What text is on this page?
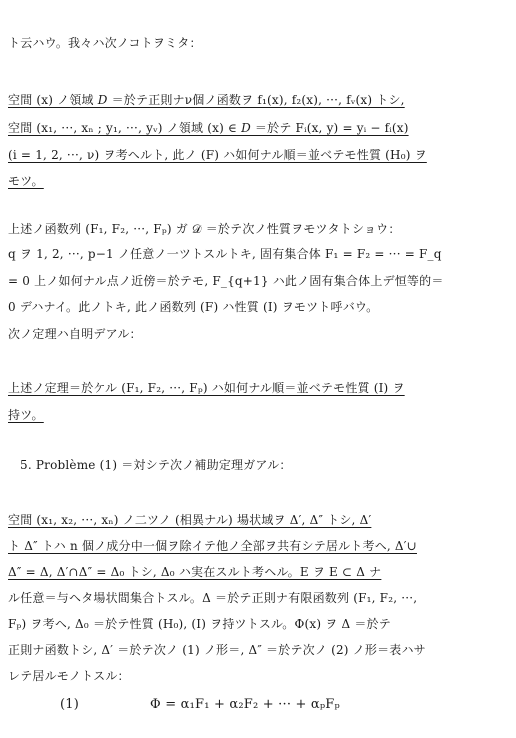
ト云ハウ。我々ハ次ノコトヲミタ：
空間 (x) ノ領域 𝐷 ＝於テ正則ナν個ノ函数ヲ f₁(x), f₂(x), ···, fᵥ(x) トシ,
空間 (x₁, ···, xₙ ; y₁, ···, yᵥ) ノ領域 (x) ∈ 𝐷 ＝於テ Fᵢ(x, y) = yᵢ − fᵢ(x)
(i = 1, 2, ···, ν) ヲ考ヘルト, 此ノ (F) ハ如何ナル順＝並ベテモ性質 (H₀) ヲ
モツ。
上述ノ函数列 (F₁, F₂, ···, Fₚ) ガ 𝒟 ＝於テ次ノ性質ヲモツタトショウ：
q ヲ 1, 2, ···, p−1 ノ任意ノ一ツトスルトキ, 固有集合体 F₁ = F₂ = ··· = F_q
= 0 上ノ如何ナル点ノ近傍＝於テモ, F_{q+1} ハ此ノ固有集合体上デ恒等的＝
0 デハナイ。此ノトキ, 此ノ函数列 (F) ハ性質 (I) ヲモツト呼バウ。
次ノ定理ハ自明デアル：
上述ノ定理＝於ケル (F₁, F₂, ···, Fₚ) ハ如何ナル順＝並ベテモ性質 (I) ヲ
持ツ。
5. Problème (1) ＝対シテ次ノ補助定理ガアル：
空間 (x₁, x₂, ···, xₙ) ノ二ツノ (相異ナル) 場状域ヲ Δ′, Δ″ トシ, Δ′
ト Δ″ トハ n 個ノ成分中一個ヲ除イテ他ノ全部ヲ共有シテ居ルト考ヘ, Δ′∪
Δ″ = Δ, Δ′∩Δ″ = Δ₀ トシ, Δ₀ ハ実在スルト考ヘル。E ヲ E ⊂ Δ ナ
ル任意＝与ヘタ場状間集合トスル。Δ ＝於テ正則ナ有限函数列 (F₁, F₂, ···,
Fₚ) ヲ考ヘ, Δ₀ ＝於テ性質 (H₀), (I) ヲ持ツトスル。Φ(x) ヲ Δ ＝於テ
正則ナ函数トシ, Δ′ ＝於テ次ノ (1) ノ形＝, Δ″ ＝於テ次ノ (2) ノ形＝表ハサ
レテ居ルモノトスル：
(1)	Φ = α₁F₁ + α₂F₂ + ··· + αₚFₚ
